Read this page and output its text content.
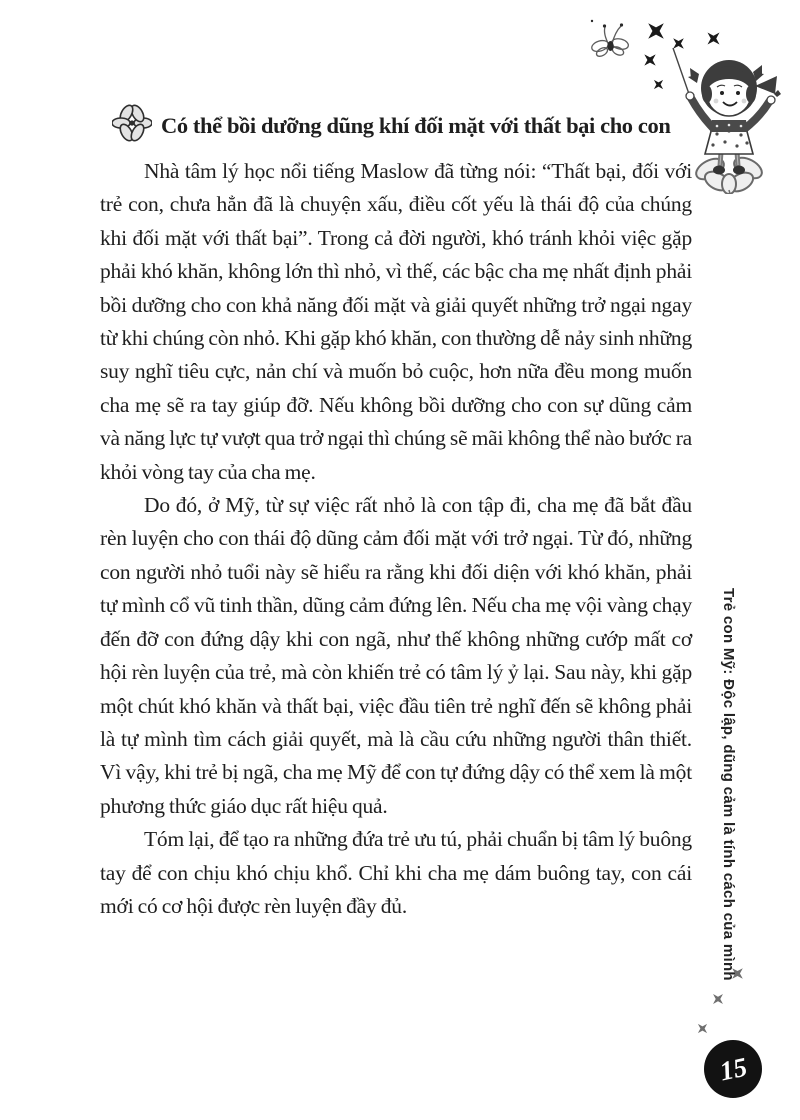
Có thể bồi dưỡng dũng khí đối mặt với thất bại cho con

Nhà tâm lý học nổi tiếng Maslow đã từng nói: “Thất bại, đối với trẻ con, chưa hẳn đã là chuyện xấu, điều cốt yếu là thái độ của chúng khi đối mặt với thất bại”. Trong cả đời người, khó tránh khỏi việc gặp phải khó khăn, không lớn thì nhỏ, vì thế, các bậc cha mẹ nhất định phải bồi dưỡng cho con khả năng đối mặt và giải quyết những trở ngại ngay từ khi chúng còn nhỏ. Khi gặp khó khăn, con thường dễ nảy sinh những suy nghĩ tiêu cực, nản chí và muốn bỏ cuộc, hơn nữa đều mong muốn cha mẹ sẽ ra tay giúp đỡ. Nếu không bồi dưỡng cho con sự dũng cảm và năng lực tự vượt qua trở ngại thì chúng sẽ mãi không thể nào bước ra khỏi vòng tay của cha mẹ.

Do đó, ở Mỹ, từ sự việc rất nhỏ là con tập đi, cha mẹ đã bắt đầu rèn luyện cho con thái độ dũng cảm đối mặt với trở ngại. Từ đó, những con người nhỏ tuổi này sẽ hiểu ra rằng khi đối diện với khó khăn, phải tự mình cổ vũ tinh thần, dũng cảm đứng lên. Nếu cha mẹ vội vàng chạy đến đỡ con đứng dậy khi con ngã, như thế không những cướp mất cơ hội rèn luyện của trẻ, mà còn khiến trẻ có tâm lý ỷ lại. Sau này, khi gặp một chút khó khăn và thất bại, việc đầu tiên trẻ nghĩ đến sẽ không phải là tự mình tìm cách giải quyết, mà là cầu cứu những người thân thiết. Vì vậy, khi trẻ bị ngã, cha mẹ Mỹ để con tự đứng dậy có thể xem là một phương thức giáo dục rất hiệu quả.

Tóm lại, để tạo ra những đứa trẻ ưu tú, phải chuẩn bị tâm lý buông tay để con chịu khó chịu khổ. Chỉ khi cha mẹ dám buông tay, con cái mới có cơ hội được rèn luyện đầy đủ.	Trẻ con Mỹ: Độc lập, dũng cảm là tính cách của mình
15
